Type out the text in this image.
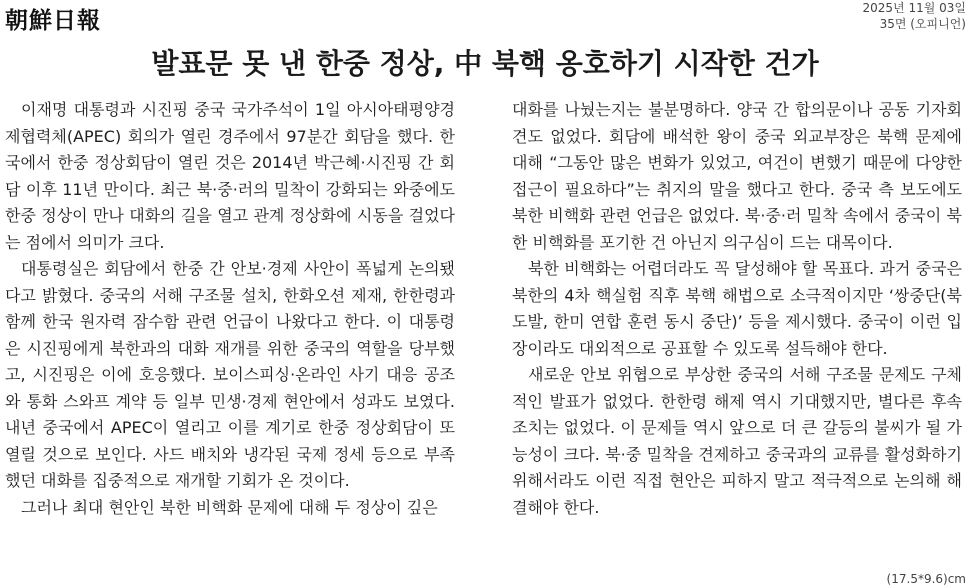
朝鮮日報	2025년 11월 03일
35면 (오피니언)
발표문 못 낸 한중 정상, 中 북핵 옹호하기 시작한 건가

이재명 대통령과 시진핑 중국 국가주석이 1일 아시아태평양경제협력체(APEC) 회의가 열린 경주에서 97분간 회담을 했다. 한국에서 한중 정상회담이 열린 것은 2014년 박근혜·시진핑 간 회담 이후 11년 만이다. 최근 북·중·러의 밀착이 강화되는 와중에도 한중 정상이 만나 대화의 길을 열고 관계 정상화에 시동을 걸었다는 점에서 의미가 크다.

대통령실은 회담에서 한중 간 안보·경제 사안이 폭넓게 논의됐다고 밝혔다. 중국의 서해 구조물 설치, 한화오션 제재, 한한령과 함께 한국 원자력 잠수함 관련 언급이 나왔다고 한다. 이 대통령은 시진핑에게 북한과의 대화 재개를 위한 중국의 역할을 당부했고, 시진핑은 이에 호응했다. 보이스피싱·온라인 사기 대응 공조와 통화 스와프 계약 등 일부 민생·경제 현안에서 성과도 보였다. 내년 중국에서 APEC이 열리고 이를 계기로 한중 정상회담이 또 열릴 것으로 보인다. 사드 배치와 냉각된 국제 정세 등으로 부족했던 대화를 집중적으로 재개할 기회가 온 것이다.

그러나 최대 현안인 북한 비핵화 문제에 대해 두 정상이 깊은

대화를 나눴는지는 불분명하다. 양국 간 합의문이나 공동 기자회견도 없었다. 회담에 배석한 왕이 중국 외교부장은 북핵 문제에 대해 “그동안 많은 변화가 있었고, 여건이 변했기 때문에 다양한 접근이 필요하다”는 취지의 말을 했다고 한다. 중국 측 보도에도 북한 비핵화 관련 언급은 없었다. 북·중·러 밀착 속에서 중국이 북한 비핵화를 포기한 건 아닌지 의구심이 드는 대목이다.

북한 비핵화는 어렵더라도 꼭 달성해야 할 목표다. 과거 중국은 북한의 4차 핵실험 직후 북핵 해법으로 소극적이지만 ‘쌍중단(북 도발, 한미 연합 훈련 동시 중단)’ 등을 제시했다. 중국이 이런 입장이라도 대외적으로 공표할 수 있도록 설득해야 한다.

새로운 안보 위협으로 부상한 중국의 서해 구조물 문제도 구체적인 발표가 없었다. 한한령 해제 역시 기대했지만, 별다른 후속 조치는 없었다. 이 문제들 역시 앞으로 더 큰 갈등의 불씨가 될 가능성이 크다. 북·중 밀착을 견제하고 중국과의 교류를 활성화하기 위해서라도 이런 직접 현안은 피하지 말고 적극적으로 논의해 해결해야 한다.

(17.5*9.6)cm
